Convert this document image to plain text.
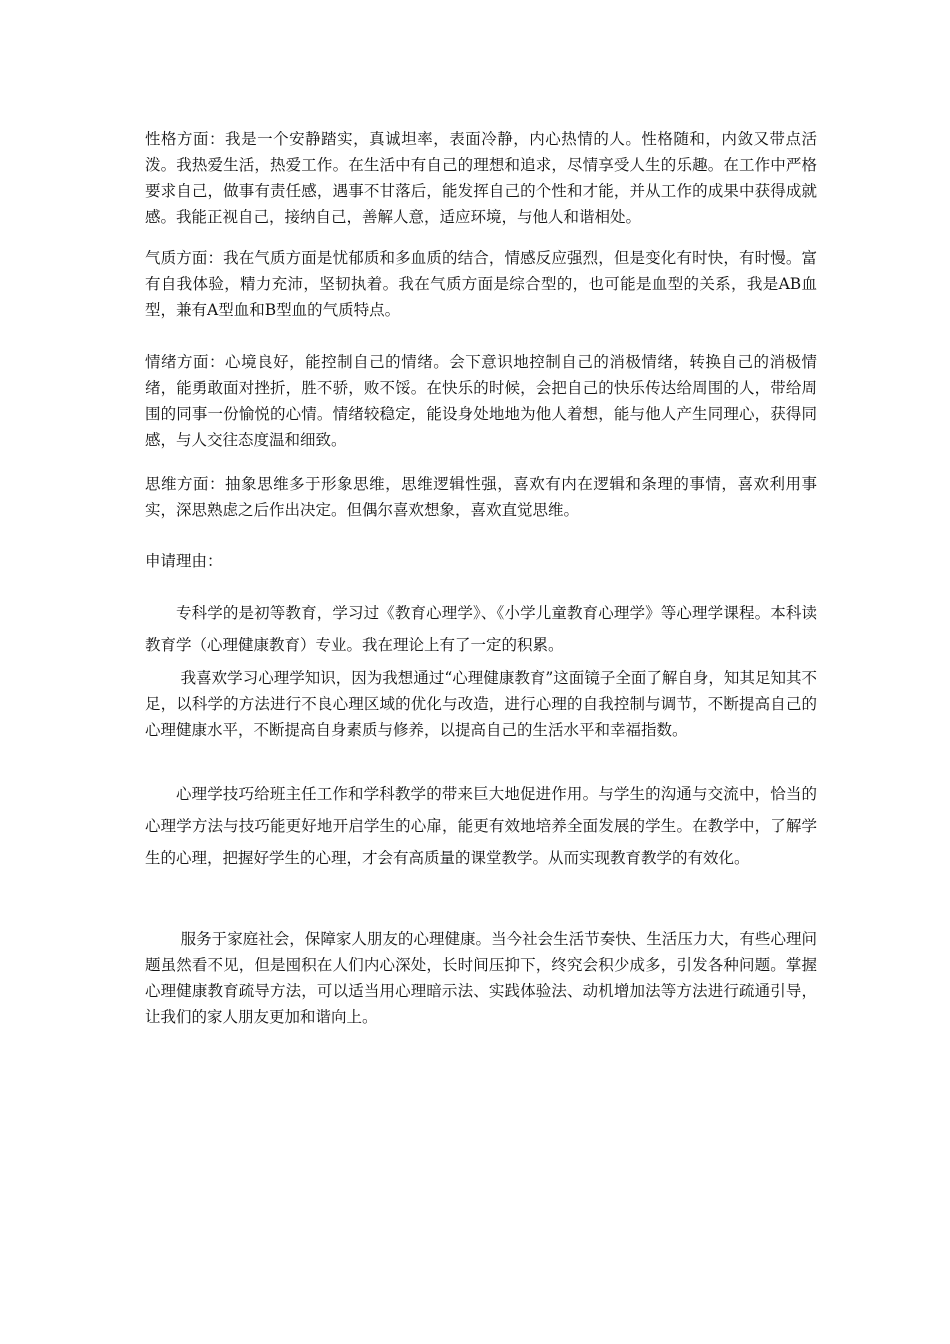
性格方面：我是一个安静踏实，真诚坦率，表面冷静，内心热情的人。性格随和，内敛又带点活泼。我热爱生活，热爱工作。在生活中有自己的理想和追求，尽情享受人生的乐趣。在工作中严格要求自己，做事有责任感，遇事不甘落后，能发挥自己的个性和才能，并从工作的成果中获得成就感。我能正视自己，接纳自己，善解人意，适应环境，与他人和谐相处。

气质方面：我在气质方面是忧郁质和多血质的结合，情感反应强烈，但是变化有时快，有时慢。富有自我体验，精力充沛，坚韧执着。我在气质方面是综合型的，也可能是血型的关系，我是AB血型，兼有A型血和B型血的气质特点。

情绪方面：心境良好，能控制自己的情绪。会下意识地控制自己的消极情绪，转换自己的消极情绪，能勇敢面对挫折，胜不骄，败不馁。在快乐的时候，会把自己的快乐传达给周围的人，带给周围的同事一份愉悦的心情。情绪较稳定，能设身处地地为他人着想，能与他人产生同理心，获得同感，与人交往态度温和细致。

思维方面：抽象思维多于形象思维，思维逻辑性强，喜欢有内在逻辑和条理的事情，喜欢利用事实，深思熟虑之后作出决定。但偶尔喜欢想象，喜欢直觉思维。

申请理由：

专科学的是初等教育，学习过《教育心理学》、《小学儿童教育心理学》等心理学课程。本科读教育学（心理健康教育）专业。我在理论上有了一定的积累。

我喜欢学习心理学知识，因为我想通过“心理健康教育”这面镜子全面了解自身，知其足知其不足，以科学的方法进行不良心理区域的优化与改造，进行心理的自我控制与调节，不断提高自己的心理健康水平，不断提高自身素质与修养，以提高自己的生活水平和幸福指数。

心理学技巧给班主任工作和学科教学的带来巨大地促进作用。与学生的沟通与交流中，恰当的心理学方法与技巧能更好地开启学生的心扉，能更有效地培养全面发展的学生。在教学中，了解学生的心理，把握好学生的心理，才会有高质量的课堂教学。从而实现教育教学的有效化。

服务于家庭社会，保障家人朋友的心理健康。当今社会生活节奏快、生活压力大，有些心理问题虽然看不见，但是囤积在人们内心深处，长时间压抑下，终究会积少成多，引发各种问题。掌握心理健康教育疏导方法，可以适当用心理暗示法、实践体验法、动机增加法等方法进行疏通引导，让我们的家人朋友更加和谐向上。
